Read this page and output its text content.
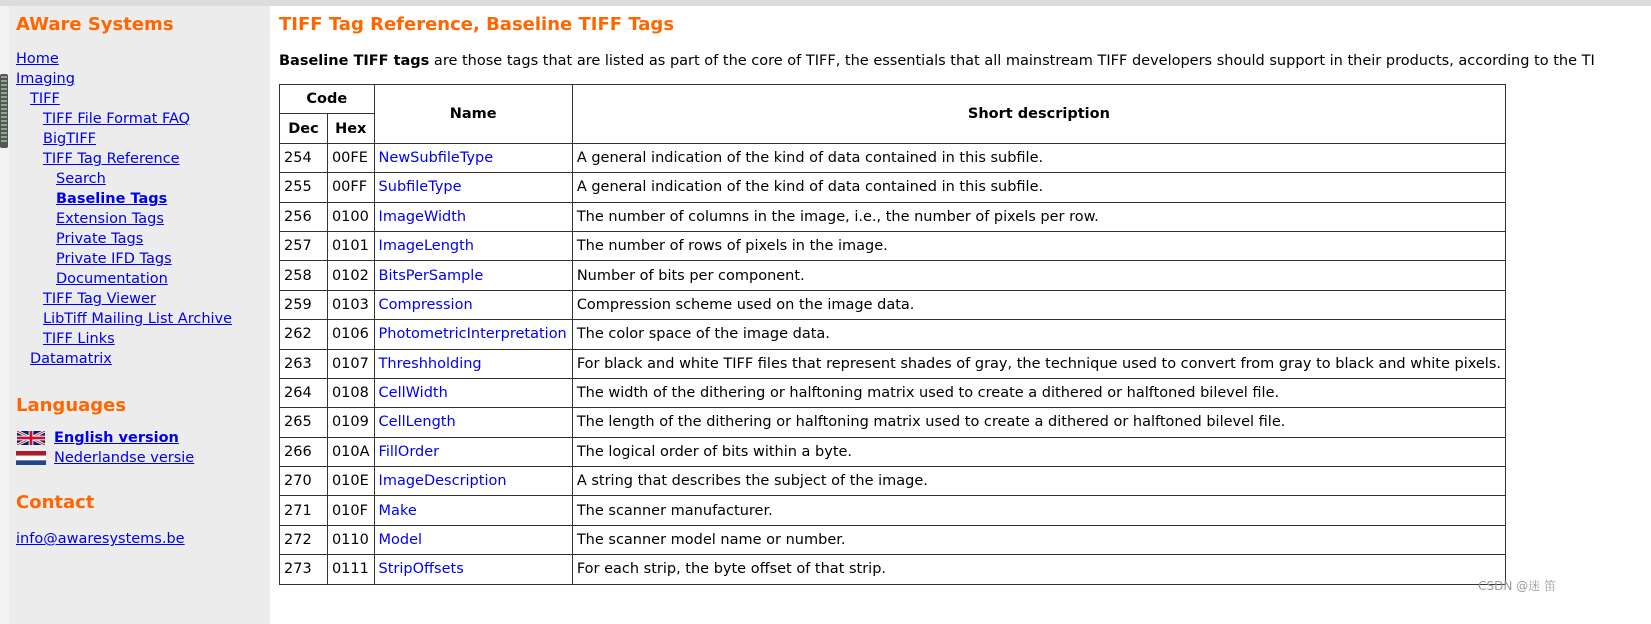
AWare Systems
Home
Imaging
TIFF
TIFF File Format FAQ
BigTIFF
TIFF Tag Reference
Search
Baseline Tags
Extension Tags
Private Tags
Private IFD Tags
Documentation
TIFF Tag Viewer
LibTiff Mailing List Archive
TIFF Links
Datamatrix
Languages
English version
Nederlandse versie
Contact
info@awaresystems.be
TIFF Tag Reference, Baseline TIFF Tags

Baseline TIFF tags are those tags that are listed as part of the core of TIFF, the essentials that all mainstream TIFF developers should support in their products, according to the TI

Code		Name	Short description
Dec	Hex		
254	00FE	NewSubfileType	A general indication of the kind of data contained in this subfile.
255	00FF	SubfileType	A general indication of the kind of data contained in this subfile.
256	0100	ImageWidth	The number of columns in the image, i.e., the number of pixels per row.
257	0101	ImageLength	The number of rows of pixels in the image.
258	0102	BitsPerSample	Number of bits per component.
259	0103	Compression	Compression scheme used on the image data.
262	0106	PhotometricInterpretation	The color space of the image data.
263	0107	Threshholding	For black and white TIFF files that represent shades of gray, the technique used to convert from gray to black and white pixels.
264	0108	CellWidth	The width of the dithering or halftoning matrix used to create a dithered or halftoned bilevel file.
265	0109	CellLength	The length of the dithering or halftoning matrix used to create a dithered or halftoned bilevel file.
266	010A	FillOrder	The logical order of bits within a byte.
270	010E	ImageDescription	A string that describes the subject of the image.
271	010F	Make	The scanner manufacturer.
272	0110	Model	The scanner model name or number.
273	0111	StripOffsets	For each strip, the byte offset of that strip.
CSDN @迷 笛
